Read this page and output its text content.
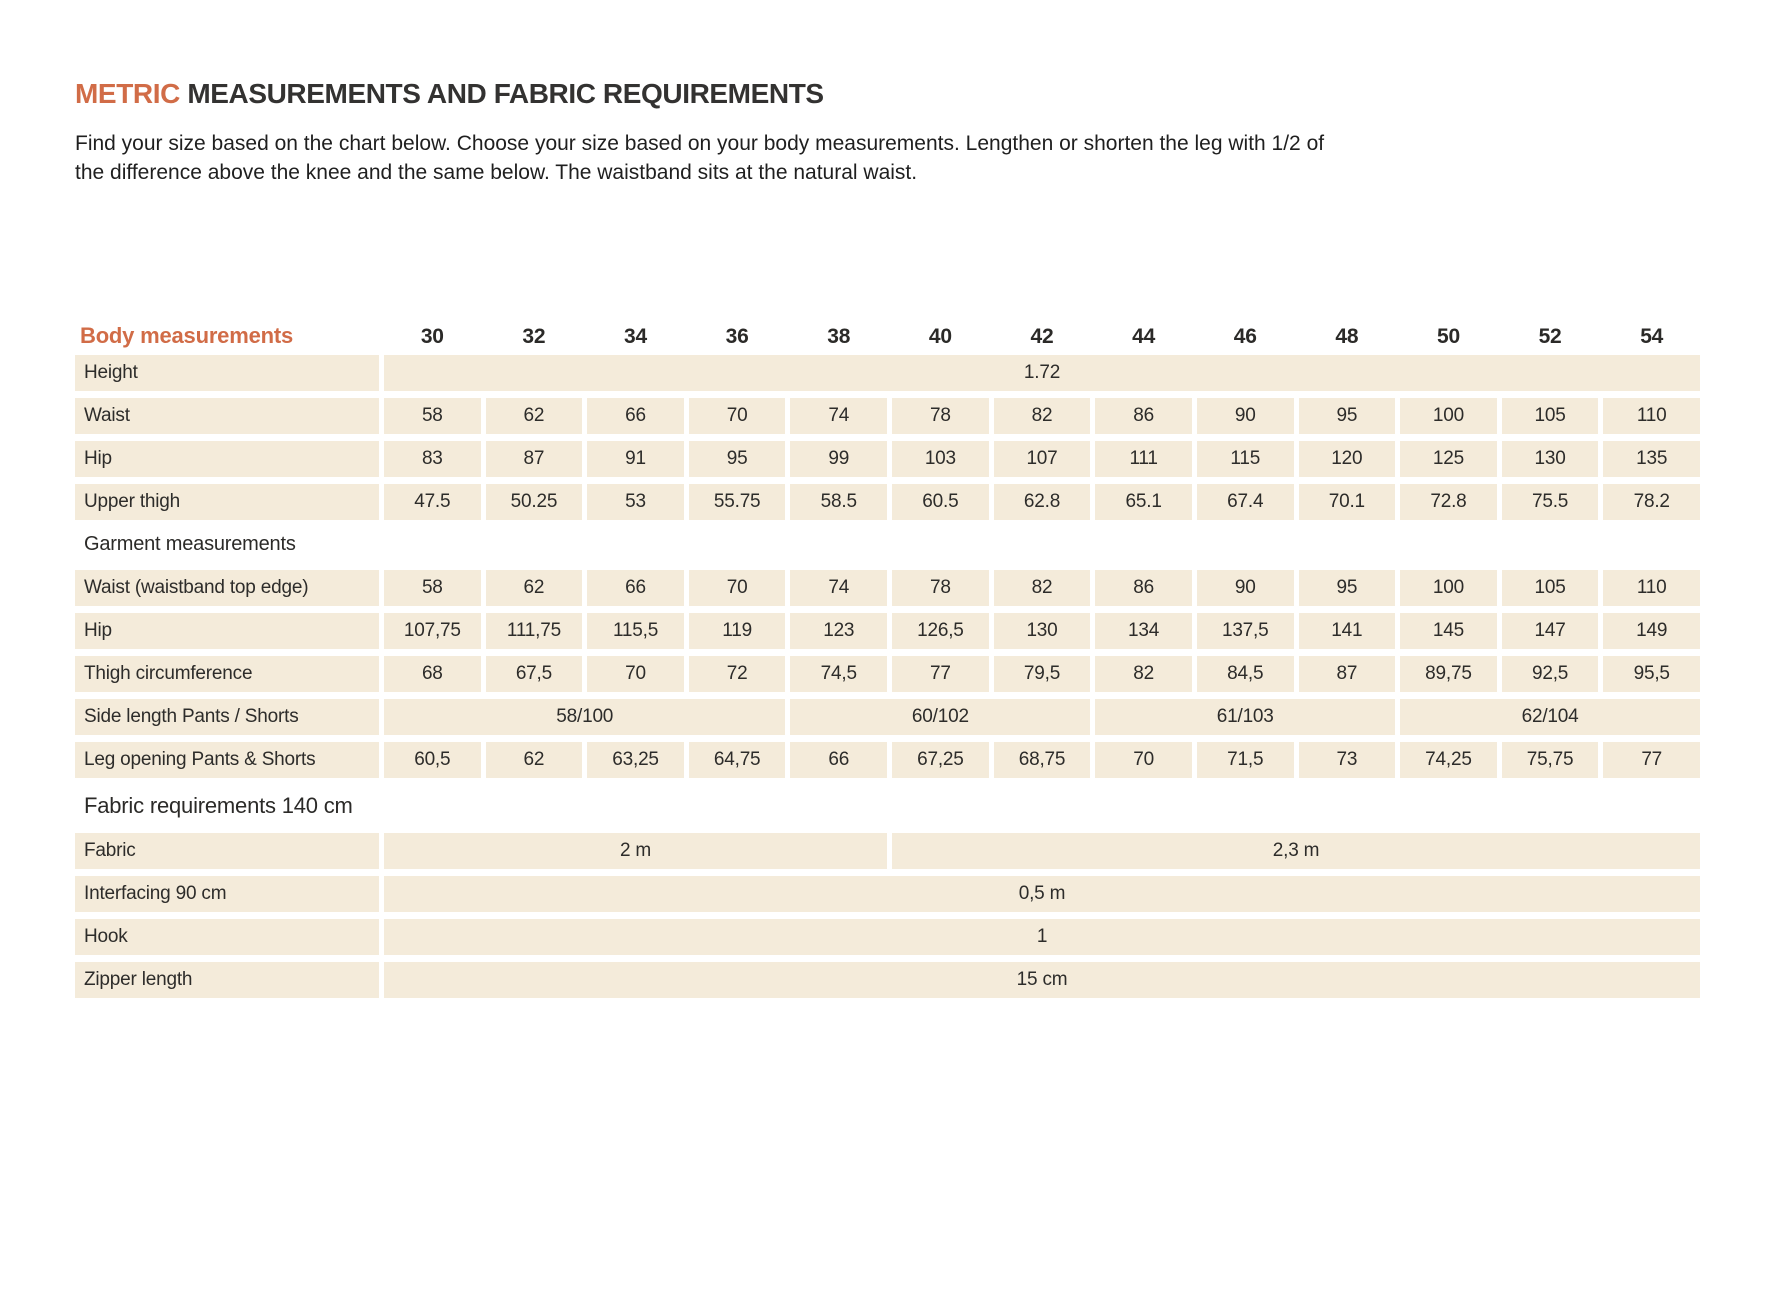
METRIC MEASUREMENTS AND FABRIC REQUIREMENTS
Find your size based on the chart below. Choose your size based on your body measurements. Lengthen or shorten the leg with 1/2 of
the difference above the knee and the same below. The waistband sits at the natural waist.
Body measurements	30	32	34	36	38	40	42	44	46	48	50	52	54
Height	1.72
Waist	58	62	66	70	74	78	82	86	90	95	100	105	110
Hip	83	87	91	95	99	103	107	111	115	120	125	130	135
Upper thigh	47.5	50.25	53	55.75	58.5	60.5	62.8	65.1	67.4	70.1	72.8	75.5	78.2
Garment measurements
Waist (waistband top edge)	58	62	66	70	74	78	82	86	90	95	100	105	110
Hip	107,75	111,75	115,5	119	123	126,5	130	134	137,5	141	145	147	149
Thigh circumference	68	67,5	70	72	74,5	77	79,5	82	84,5	87	89,75	92,5	95,5
Side length Pants / Shorts	58/100	60/102	61/103	62/104
Leg opening Pants & Shorts	60,5	62	63,25	64,75	66	67,25	68,75	70	71,5	73	74,25	75,75	77
Fabric requirements 140 cm
Fabric	2 m	2,3 m
Interfacing 90 cm	0,5 m
Hook	1
Zipper length	15 cm
